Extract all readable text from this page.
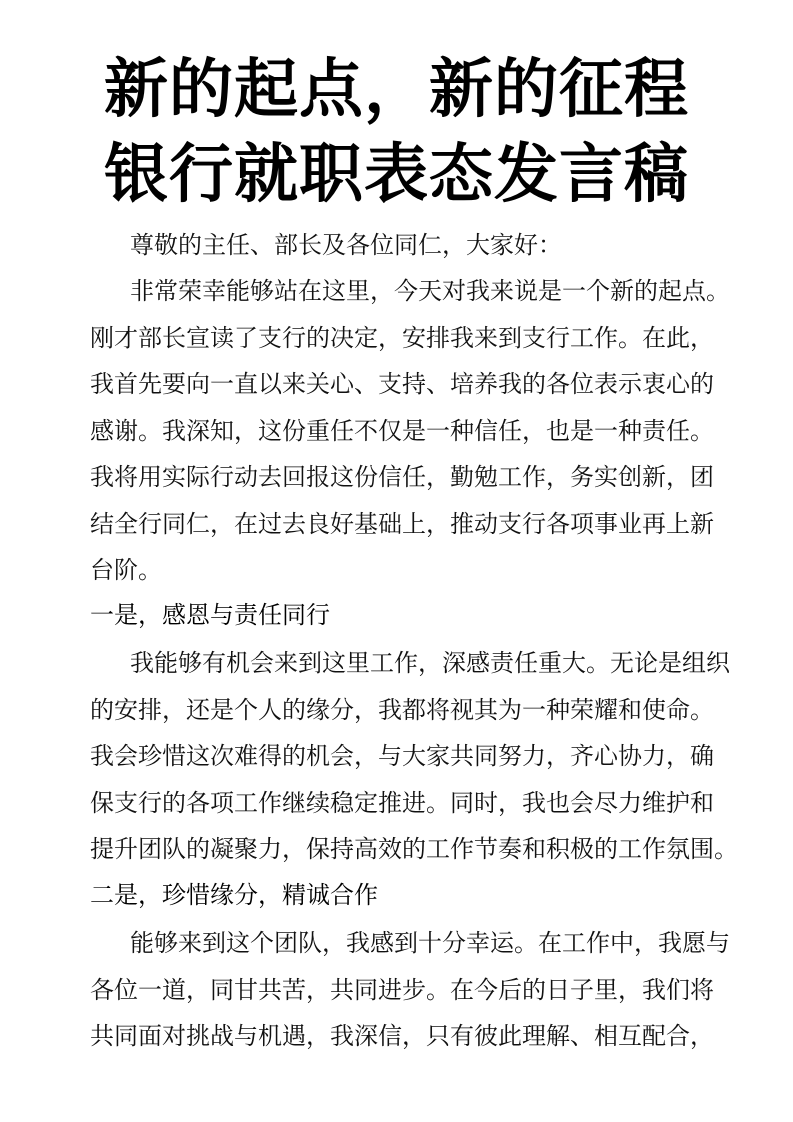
新的起点，新的征程
银行就职表态发言稿
尊敬的主任、部长及各位同仁，大家好：
非常荣幸能够站在这里，今天对我来说是一个新的起点。
刚才部长宣读了支行的决定，安排我来到支行工作。在此，
我首先要向一直以来关心、支持、培养我的各位表示衷心的
感谢。我深知，这份重任不仅是一种信任，也是一种责任。
我将用实际行动去回报这份信任，勤勉工作，务实创新，团
结全行同仁，在过去良好基础上，推动支行各项事业再上新
台阶。
一是，感恩与责任同行
我能够有机会来到这里工作，深感责任重大。无论是组织
的安排，还是个人的缘分，我都将视其为一种荣耀和使命。
我会珍惜这次难得的机会，与大家共同努力，齐心协力，确
保支行的各项工作继续稳定推进。同时，我也会尽力维护和
提升团队的凝聚力，保持高效的工作节奏和积极的工作氛围。
二是，珍惜缘分，精诚合作
能够来到这个团队，我感到十分幸运。在工作中，我愿与
各位一道，同甘共苦，共同进步。在今后的日子里，我们将
共同面对挑战与机遇，我深信，只有彼此理解、相互配合，
